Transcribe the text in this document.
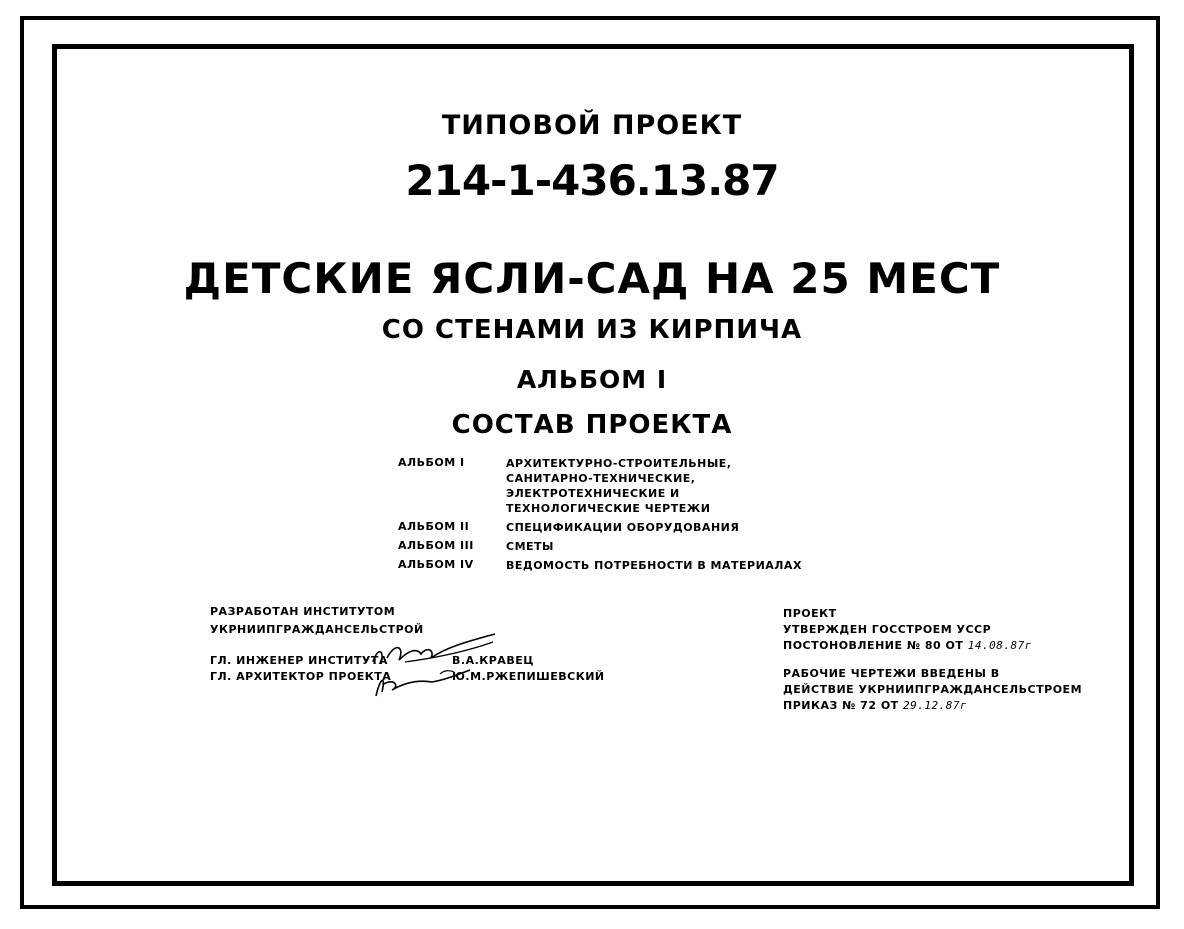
ТИПОВОЙ ПРОЕКТ
214-1-436.13.87
ДЕТСКИЕ ЯСЛИ-САД НА 25 МЕСТ
СО СТЕНАМИ ИЗ КИРПИЧА
АЛЬБОМ I
СОСТАВ ПРОЕКТА
АЛЬБОМ I	АРХИТЕКТУРНО-СТРОИТЕЛЬНЫЕ, САНИТАРНО-ТЕХНИЧЕСКИЕ, ЭЛЕКТРОТЕХНИЧЕСКИЕ И ТЕХНОЛОГИЧЕСКИЕ ЧЕРТЕЖИ
АЛЬБОМ II	СПЕЦИФИКАЦИИ ОБОРУДОВАНИЯ
АЛЬБОМ III	СМЕТЫ
АЛЬБОМ IV	ВЕДОМОСТЬ ПОТРЕБНОСТИ В МАТЕРИАЛАХ
РАЗРАБОТАН ИНСТИТУТОМ
УКРНИИПГРАЖДАНСЕЛЬСТРОЙ
ГЛ. ИНЖЕНЕР ИНСТИТУТА	В.А.КРАВЕЦ
ГЛ. АРХИТЕКТОР ПРОЕКТА	Ю.М.РЖЕПИШЕВСКИЙ
ПРОЕКТ
УТВЕРЖДЕН ГОССТРОЕМ УССР
ПОСТОНОВЛЕНИЕ № 80 ОТ 14.08.87г
РАБОЧИЕ ЧЕРТЕЖИ ВВЕДЕНЫ В
ДЕЙСТВИЕ УКРНИИПГРАЖДАНСЕЛЬСТРОЕМ
ПРИКАЗ № 72 ОТ 29.12.87г
